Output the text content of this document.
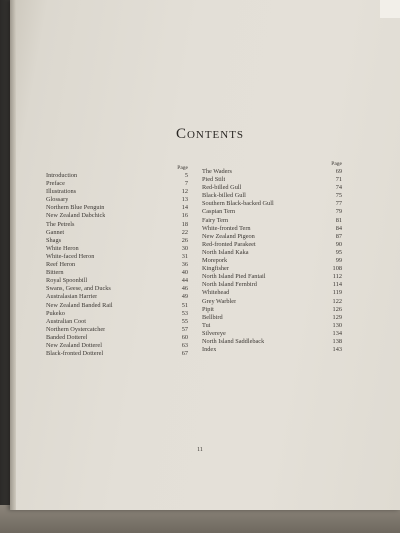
Contents
Page
Introduction	5
Preface	7
Illustrations	12
Glossary	13
Northern Blue Penguin	14
New Zealand Dabchick	16
The Petrels	18
Gannet	22
Shags	26
White Heron	30
White-faced Heron	31
Reef Heron	36
Bittern	40
Royal Spoonbill	44
Swans, Geese, and Ducks	46
Australasian Harrier	49
New Zealand Banded Rail	51
Pukeko	53
Australian Coot	55
Northern Oystercatcher	57
Banded Dotterel	60
New Zealand Dotterel	63
Black-fronted Dotterel	67
Page
The Waders	69
Pied Stilt	71
Red-billed Gull	74
Black-billed Gull	75
Southern Black-backed Gull	77
Caspian Tern	79
Fairy Tern	81
White-fronted Tern	84
New Zealand Pigeon	87
Red-fronted Parakeet	90
North Island Kaka	95
Morepork	99
Kingfisher	108
North Island Pied Fantail	112
North Island Fernbird	114
Whitehead	119
Grey Warbler	122
Pipit	126
Bellbird	129
Tui	130
Silvereye	134
North Island Saddleback	138
Index	143
11
